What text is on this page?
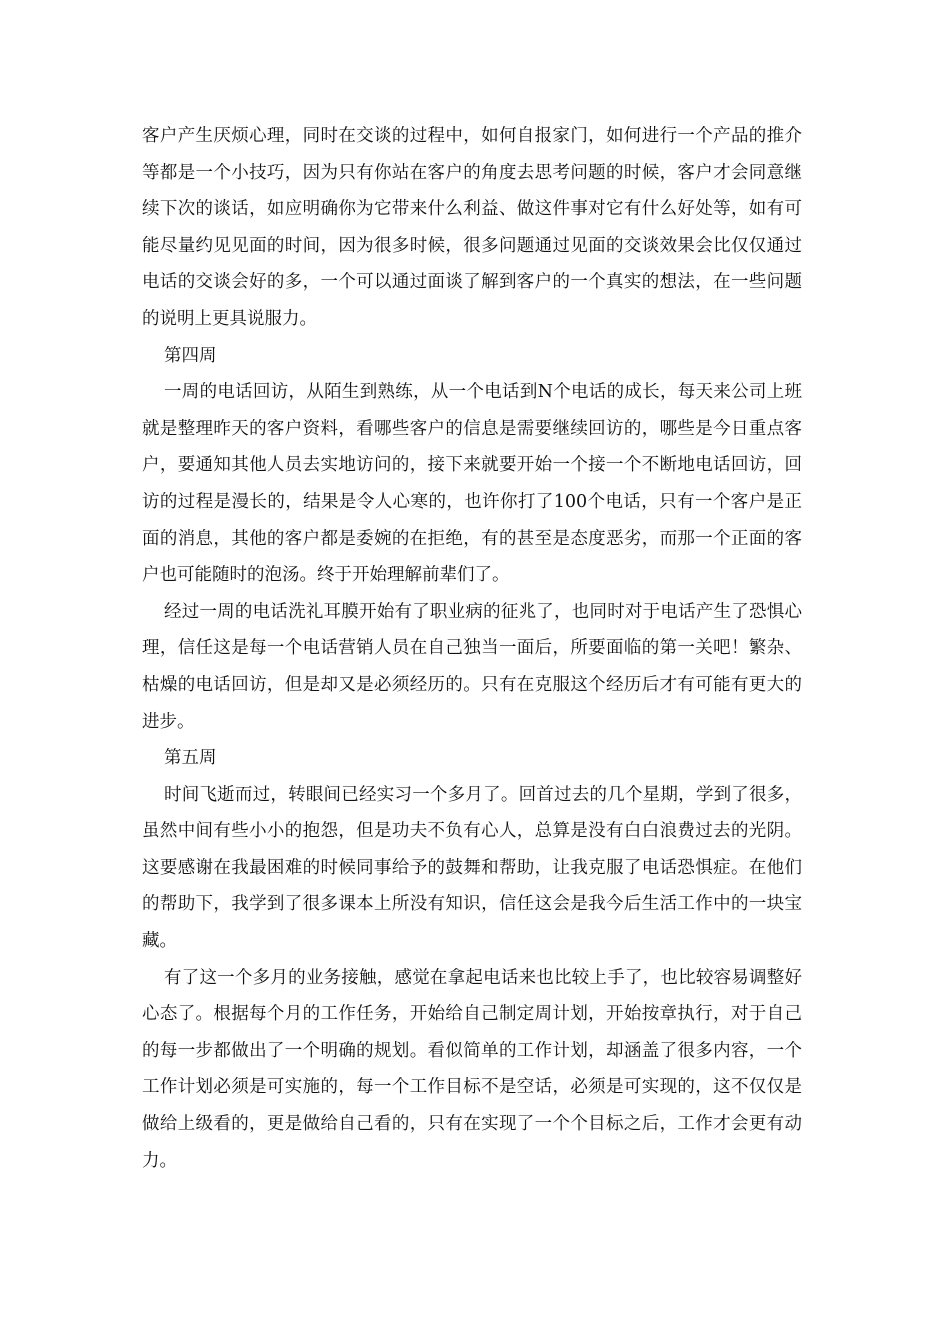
客户产生厌烦心理，同时在交谈的过程中，如何自报家门，如何进行一个产品的推介等都是一个小技巧，因为只有你站在客户的角度去思考问题的时候，客户才会同意继续下次的谈话，如应明确你为它带来什么利益、做这件事对它有什么好处等，如有可能尽量约见见面的时间，因为很多时候，很多问题通过见面的交谈效果会比仅仅通过电话的交谈会好的多，一个可以通过面谈了解到客户的一个真实的想法，在一些问题的说明上更具说服力。

第四周

一周的电话回访，从陌生到熟练，从一个电话到N个电话的成长，每天来公司上班就是整理昨天的客户资料，看哪些客户的信息是需要继续回访的，哪些是今日重点客户，要通知其他人员去实地访问的，接下来就要开始一个接一个不断地电话回访，回访的过程是漫长的，结果是令人心寒的，也许你打了100个电话，只有一个客户是正面的消息，其他的客户都是委婉的在拒绝，有的甚至是态度恶劣，而那一个正面的客户也可能随时的泡汤。终于开始理解前辈们了。

经过一周的电话洗礼耳膜开始有了职业病的征兆了，也同时对于电话产生了恐惧心理，信任这是每一个电话营销人员在自己独当一面后，所要面临的第一关吧！繁杂、枯燥的电话回访，但是却又是必须经历的。只有在克服这个经历后才有可能有更大的进步。

第五周

时间飞逝而过，转眼间已经实习一个多月了。回首过去的几个星期，学到了很多，虽然中间有些小小的抱怨，但是功夫不负有心人，总算是没有白白浪费过去的光阴。这要感谢在我最困难的时候同事给予的鼓舞和帮助，让我克服了电话恐惧症。在他们的帮助下，我学到了很多课本上所没有知识，信任这会是我今后生活工作中的一块宝藏。

有了这一个多月的业务接触，感觉在拿起电话来也比较上手了，也比较容易调整好心态了。根据每个月的工作任务，开始给自己制定周计划，开始按章执行，对于自己的每一步都做出了一个明确的规划。看似简单的工作计划，却涵盖了很多内容，一个工作计划必须是可实施的，每一个工作目标不是空话，必须是可实现的，这不仅仅是做给上级看的，更是做给自己看的，只有在实现了一个个目标之后，工作才会更有动力。
